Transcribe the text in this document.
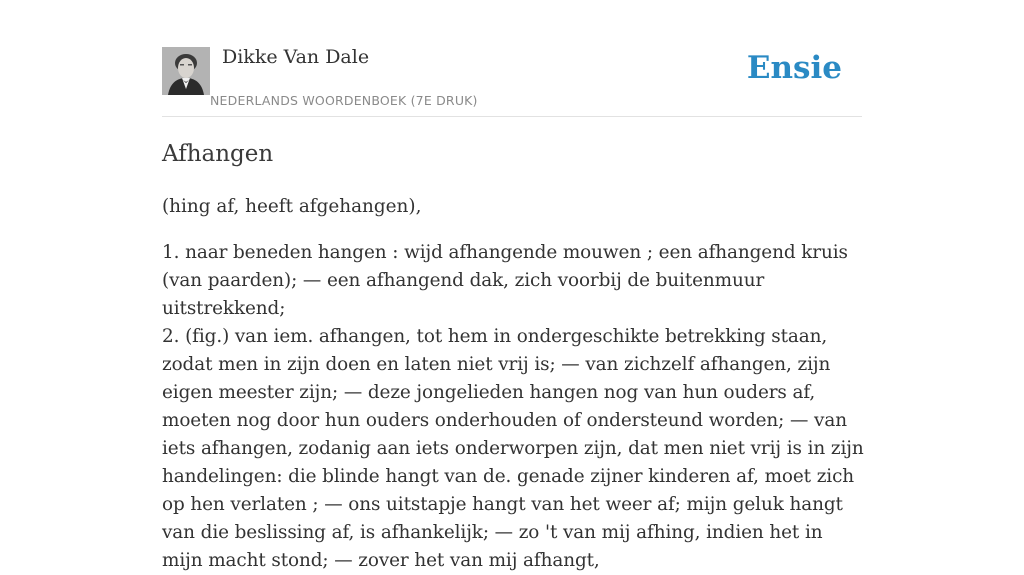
Dikke Van Dale
NEDERLANDS WOORDENBOEK (7E DRUK)
Ensie
Afhangen

(hing af, heeft afgehangen),

1. naar beneden hangen : wijd afhangende mouwen ; een afhangend kruis (van paarden); — een afhangend dak, zich voorbij de buitenmuur uitstrekkend;
2. (fig.) van iem. afhangen, tot hem in ondergeschikte betrekking staan, zodat men in zijn doen en laten niet vrij is; — van zichzelf afhangen, zijn eigen meester zijn; — deze jongelieden hangen nog van hun ouders af, moeten nog door hun ouders onderhouden of ondersteund worden; — van iets afhangen, zodanig aan iets onderworpen zijn, dat men niet vrij is in zijn handelingen: die blinde hangt van de. genade zijner kinderen af, moet zich op hen verlaten ; — ons uitstapje hangt van het weer af; mijn geluk hangt van die beslissing af, is afhankelijk; — zo 't van mij afhing, indien het in mijn macht stond; — zover het van mij afhangt,
